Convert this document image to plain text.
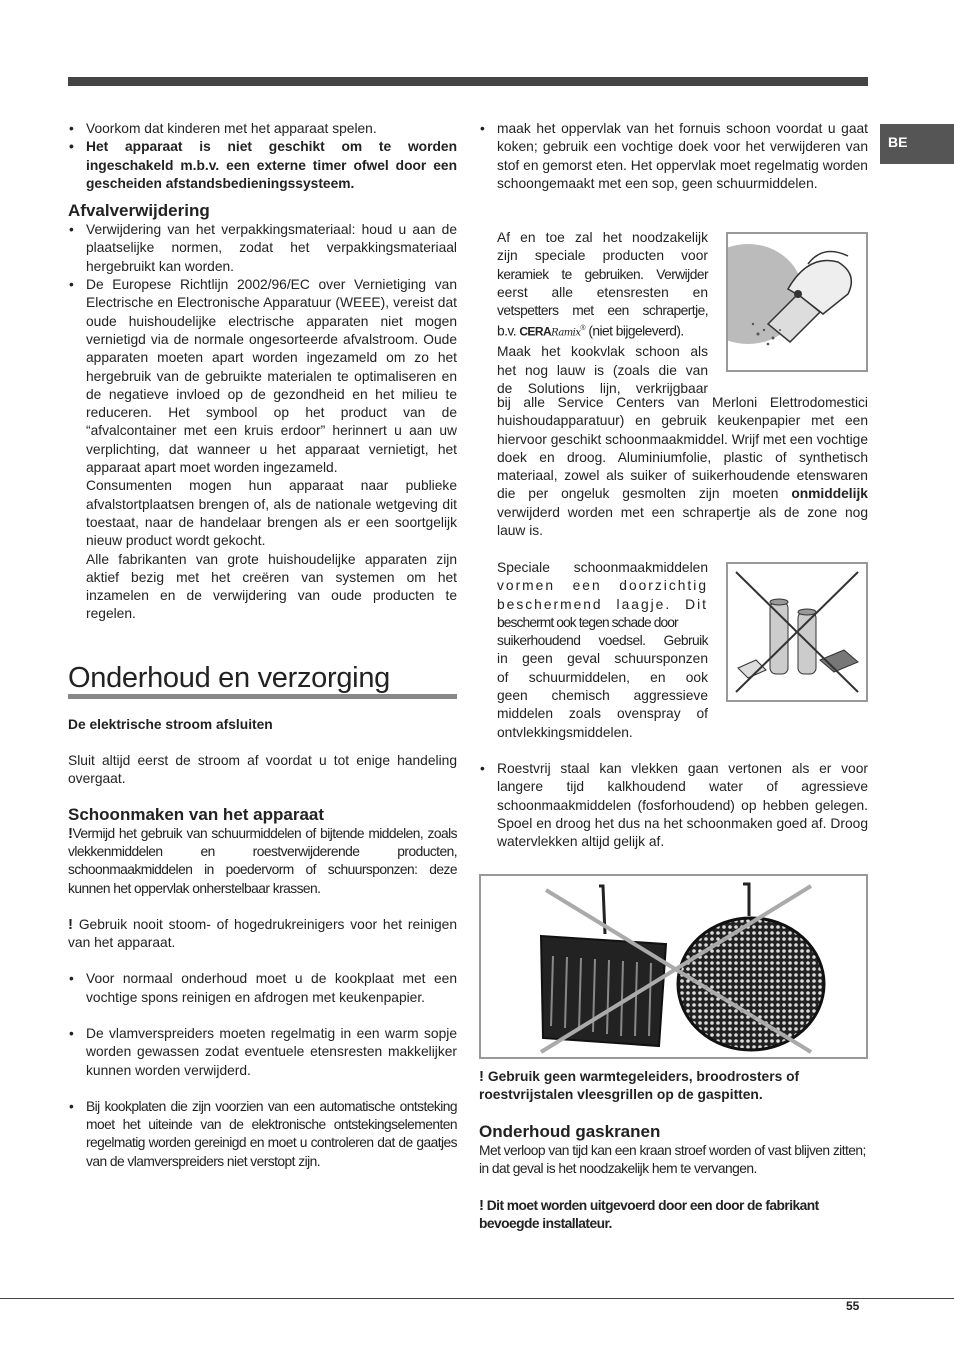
BE
• Voorkom dat kinderen met het apparaat spelen.
• Het apparaat is niet geschikt om te worden ingeschakeld m.b.v. een externe timer ofwel door een gescheiden afstandsbedieningssysteem.
Afvalverwijdering
• Verwijdering van het verpakkingsmateriaal: houd u aan de plaatselijke normen, zodat het verpakkingsmateriaal hergebruikt kan worden.
• De Europese Richtlijn 2002/96/EC over Vernietiging van Electrische en Electronische Apparatuur (WEEE), vereist dat oude huishoudelijke electrische apparaten niet mogen vernietigd via de normale ongesorteerde afvalstroom. Oude apparaten moeten apart worden ingezameld om zo het hergebruik van de gebruikte materialen te optimaliseren en de negatieve invloed op de gezondheid en het milieu te reduceren. Het symbool op het product van de “afvalcontainer met een kruis erdoor” herinnert u aan uw verplichting, dat wanneer u het apparaat vernietigt, het apparaat apart moet worden ingezameld.

Consumenten mogen hun apparaat naar publieke afvalstortplaatsen brengen of, als de nationale wetgeving dit toestaat, naar de handelaar brengen als er een soortgelijk nieuw product wordt gekocht.

Alle fabrikanten van grote huishoudelijke apparaten zijn aktief bezig met het creëren van systemen om het inzamelen en de verwijdering van oude producten te regelen.

Onderhoud en verzorging

De elektrische stroom afsluiten

Sluit altijd eerst de stroom af voordat u tot enige handeling overgaat.

Schoonmaken van het apparaat

!Vermijd het gebruik van schuurmiddelen of bijtende middelen, zoals vlekkenmiddelen en roestverwijderende producten, schoonmaakmiddelen in poedervorm of schuursponzen: deze kunnen het oppervlak onherstelbaar krassen.

! Gebruik nooit stoom- of hogedrukreinigers voor het reinigen van het apparaat.

• Voor normaal onderhoud moet u de kookplaat met een vochtige spons reinigen en afdrogen met keukenpapier.
• De vlamverspreiders moeten regelmatig in een warm sopje worden gewassen zodat eventuele etensresten makkelijker kunnen worden verwijderd.
• Bij kookplaten die zijn voorzien van een automatische ontsteking moet het uiteinde van de elektronische ontstekingselementen regelmatig worden gereinigd en moet u controleren dat de gaatjes van de vlamverspreiders niet verstopt zijn.
• maak het oppervlak van het fornuis schoon voordat u gaat koken; gebruik een vochtige doek voor het verwijderen van stof en gemorst eten. Het oppervlak moet regelmatig worden schoongemaakt met een sop, geen schuurmiddelen.

Af en toe zal het noodzakelijk

zijn speciale producten voor

keramiek te gebruiken. Verwijder

eerst alle etensresten en

vetspetters met een schrapertje,

b.v. CERARamix® (niet bijgeleverd).

Maak het kookvlak schoon als

het nog lauw is (zoals die van

de Solutions lijn, verkrijgbaar

bij alle Service Centers van Merloni Elettrodomestici huishoudapparatuur) en gebruik keukenpapier met een hiervoor geschikt schoonmaakmiddel. Wrijf met een vochtige doek en droog. Aluminiumfolie, plastic of synthetisch materiaal, zowel als suiker of suikerhoudende etenswaren die per ongeluk gesmolten zijn moeten onmiddelijk verwijderd worden met een schrapertje als de zone nog lauw is.

Speciale schoonmaakmiddelen

vormen een doorzichtig

beschermend laagje. Dit

beschermt ook tegen schade door

suikerhoudend voedsel. Gebruik

in geen geval schuursponzen

of schuurmiddelen, en ook

geen chemisch aggressieve

middelen zoals ovenspray of

ontvlekkingsmiddelen.

• Roestvrij staal kan vlekken gaan vertonen als er voor langere tijd kalkhoudend water of agressieve schoonmaakmiddelen (fosforhoudend) op hebben gelegen. Spoel en droog het dus na het schoonmaken goed af. Droog watervlekken altijd gelijk af.

! Gebruik geen warmtegeleiders, broodrosters of roestvrijstalen vleesgrillen op de gaspitten.

Onderhoud gaskranen

Met verloop van tijd kan een kraan stroef worden of vast blijven zitten; in dat geval is het noodzakelijk hem te vervangen.

! Dit moet worden uitgevoerd door een door de fabrikant bevoegde installateur.

55
